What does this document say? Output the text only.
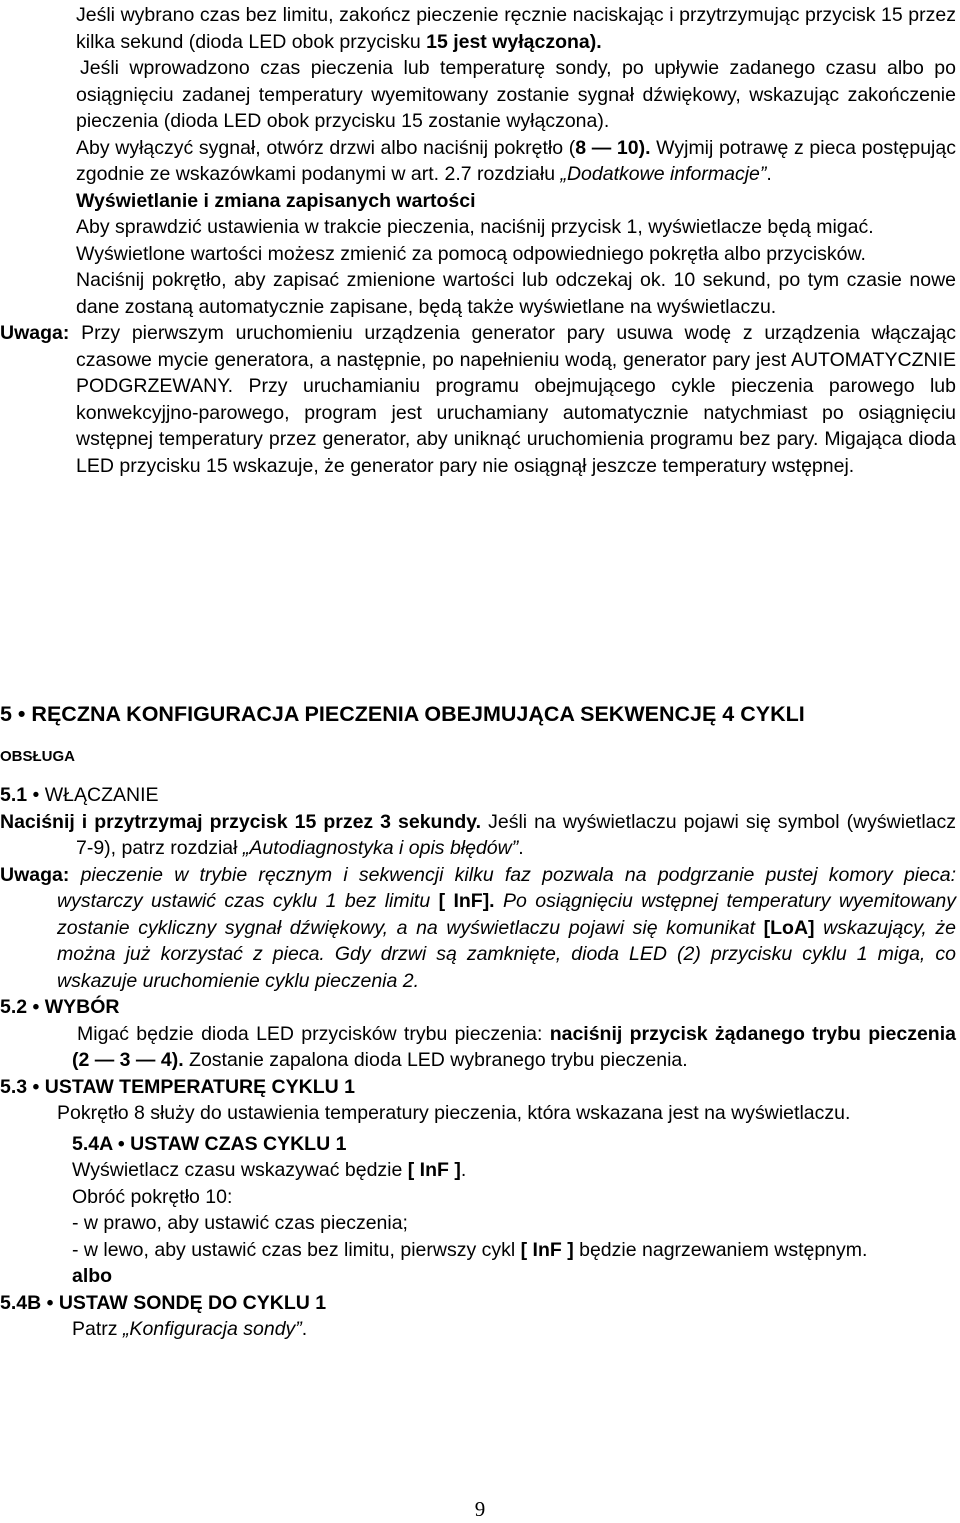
Jeśli wybrano czas bez limitu, zakończ pieczenie ręcznie naciskając i przytrzymując przycisk 15 przez kilka sekund (dioda LED obok przycisku 15 jest wyłączona).

Jeśli wprowadzono czas pieczenia lub temperaturę sondy, po upływie zadanego czasu albo po osiągnięciu zadanej temperatury wyemitowany zostanie sygnał dźwiękowy, wskazując zakończenie pieczenia (dioda LED obok przycisku 15 zostanie wyłączona).

Aby wyłączyć sygnał, otwórz drzwi albo naciśnij pokrętło (8 — 10). Wyjmij potrawę z pieca postępując zgodnie ze wskazówkami podanymi w art. 2.7 rozdziału „Dodatkowe informacje”.

Wyświetlanie i zmiana zapisanych wartości

Aby sprawdzić ustawienia w trakcie pieczenia, naciśnij przycisk 1, wyświetlacze będą migać.

Wyświetlone wartości możesz zmienić za pomocą odpowiedniego pokrętła albo przycisków.

Naciśnij pokrętło, aby zapisać zmienione wartości lub odczekaj ok. 10 sekund, po tym czasie nowe dane zostaną automatycznie zapisane, będą także wyświetlane na wyświetlaczu.

Uwaga: Przy pierwszym uruchomieniu urządzenia generator pary usuwa wodę z urządzenia włączając czasowe mycie generatora, a następnie, po napełnieniu wodą, generator pary jest AUTOMATYCZNIE PODGRZEWANY. Przy uruchamianiu programu obejmującego cykle pieczenia parowego lub konwekcyjjno-parowego, program jest uruchamiany automatycznie natychmiast po osiągnięciu wstępnej temperatury przez generator, aby uniknąć uruchomienia programu bez pary. Migająca dioda LED przycisku 15 wskazuje, że generator pary nie osiągnął jeszcze temperatury wstępnej.

5 • RĘCZNA KONFIGURACJA PIECZENIA OBEJMUJĄCA SEKWENCJĘ 4 CYKLI

OBSŁUGA

5.1 • WŁĄCZANIE

Naciśnij i przytrzymaj przycisk 15 przez 3 sekundy. Jeśli na wyświetlaczu pojawi się symbol (wyświetlacz 7-9), patrz rozdział „Autodiagnostyka i opis błędów”.

Uwaga: pieczenie w trybie ręcznym i sekwencji kilku faz pozwala na podgrzanie pustej komory pieca: wystarczy ustawić czas cyklu 1 bez limitu [ InF]. Po osiągnięciu wstępnej temperatury wyemitowany zostanie cykliczny sygnał dźwiękowy, a na wyświetlaczu pojawi się komunikat [LoA] wskazujący, że można już korzystać z pieca. Gdy drzwi są zamknięte, dioda LED (2) przycisku cyklu 1 miga, co wskazuje uruchomienie cyklu pieczenia 2.

5.2 • WYBÓR

Migać będzie dioda LED przycisków trybu pieczenia: naciśnij przycisk żądanego trybu pieczenia (2 — 3 — 4). Zostanie zapalona dioda LED wybranego trybu pieczenia.

5.3 • USTAW TEMPERATURĘ CYKLU 1

Pokrętło 8 służy do ustawienia temperatury pieczenia, która wskazana jest na wyświetlaczu.

5.4A • USTAW CZAS CYKLU 1

Wyświetlacz czasu wskazywać będzie [ InF ].

Obróć pokrętło 10:

- w prawo, aby ustawić czas pieczenia;

- w lewo, aby ustawić czas bez limitu, pierwszy cykl [ InF ] będzie nagrzewaniem wstępnym.

albo

5.4B • USTAW SONDĘ DO CYKLU 1

Patrz „Konfiguracja sondy”.

9
